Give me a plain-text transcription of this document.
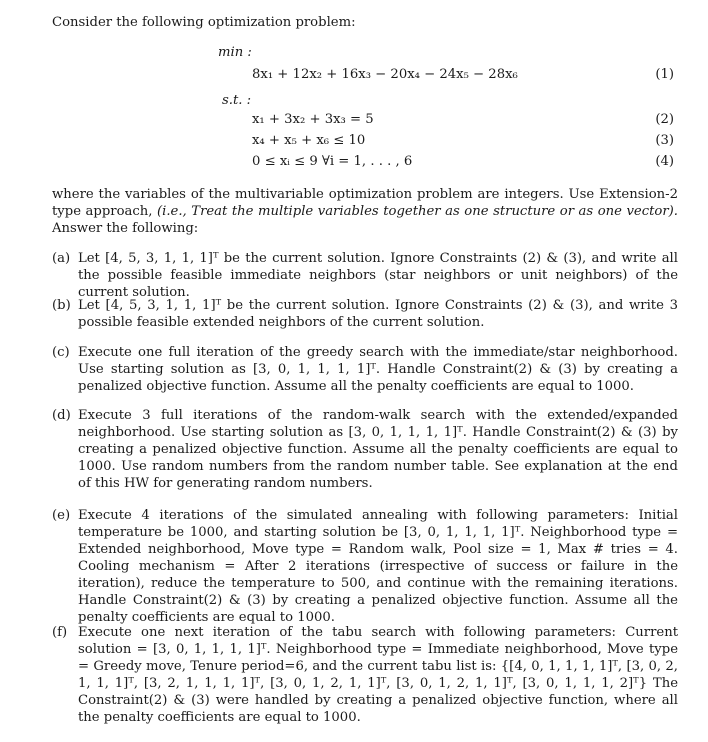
Consider the following optimization problem:
min :
8x₁ + 12x₂ + 16x₃ − 20x₄ − 24x₅ − 28x₆	(1)
s.t. :
x₁ + 3x₂ + 3x₃ = 5	(2)
x₄ + x₅ + x₆ ≤ 10	(3)
0 ≤ xᵢ ≤ 9 ∀i = 1, . . . , 6	(4)
where the variables of the multivariable optimization problem are integers. Use Extension-2 type approach, (i.e., Treat the multiple variables together as one structure or as one vector). Answer the following:
(a) Let [4, 5, 3, 1, 1, 1]ᵀ be the current solution. Ignore Constraints (2) & (3), and write all the possible feasible immediate neighbors (star neighbors or unit neighbors) of the current solution.
(b) Let [4, 5, 3, 1, 1, 1]ᵀ be the current solution. Ignore Constraints (2) & (3), and write 3 possible feasible extended neighbors of the current solution.
(c) Execute one full iteration of the greedy search with the immediate/star neighborhood. Use starting solution as [3, 0, 1, 1, 1, 1]ᵀ. Handle Constraint(2) & (3) by creating a penalized objective function. Assume all the penalty coefficients are equal to 1000.
(d) Execute 3 full iterations of the random-walk search with the extended/expanded neighborhood. Use starting solution as [3, 0, 1, 1, 1, 1]ᵀ. Handle Constraint(2) & (3) by creating a penalized objective function. Assume all the penalty coefficients are equal to 1000. Use random numbers from the random number table. See explanation at the end of this HW for generating random numbers.
(e) Execute 4 iterations of the simulated annealing with following parameters: Initial temperature be 1000, and starting solution be [3, 0, 1, 1, 1, 1]ᵀ. Neighborhood type = Extended neighborhood, Move type = Random walk, Pool size = 1, Max # tries = 4. Cooling mechanism = After 2 iterations (irrespective of success or failure in the iteration), reduce the temperature to 500, and continue with the remaining iterations. Handle Constraint(2) & (3) by creating a penalized objective function. Assume all the penalty coefficients are equal to 1000.
(f) Execute one next iteration of the tabu search with following parameters: Current solution = [3, 0, 1, 1, 1, 1]ᵀ. Neighborhood type = Immediate neighborhood, Move type = Greedy move, Tenure period=6, and the current tabu list is: {[4, 0, 1, 1, 1, 1]ᵀ, [3, 0, 2, 1, 1, 1]ᵀ, [3, 2, 1, 1, 1, 1]ᵀ, [3, 0, 1, 2, 1, 1]ᵀ, [3, 0, 1, 2, 1, 1]ᵀ, [3, 0, 1, 1, 1, 2]ᵀ} The Constraint(2) & (3) were handled by creating a penalized objective function, where all the penalty coefficients are equal to 1000.
